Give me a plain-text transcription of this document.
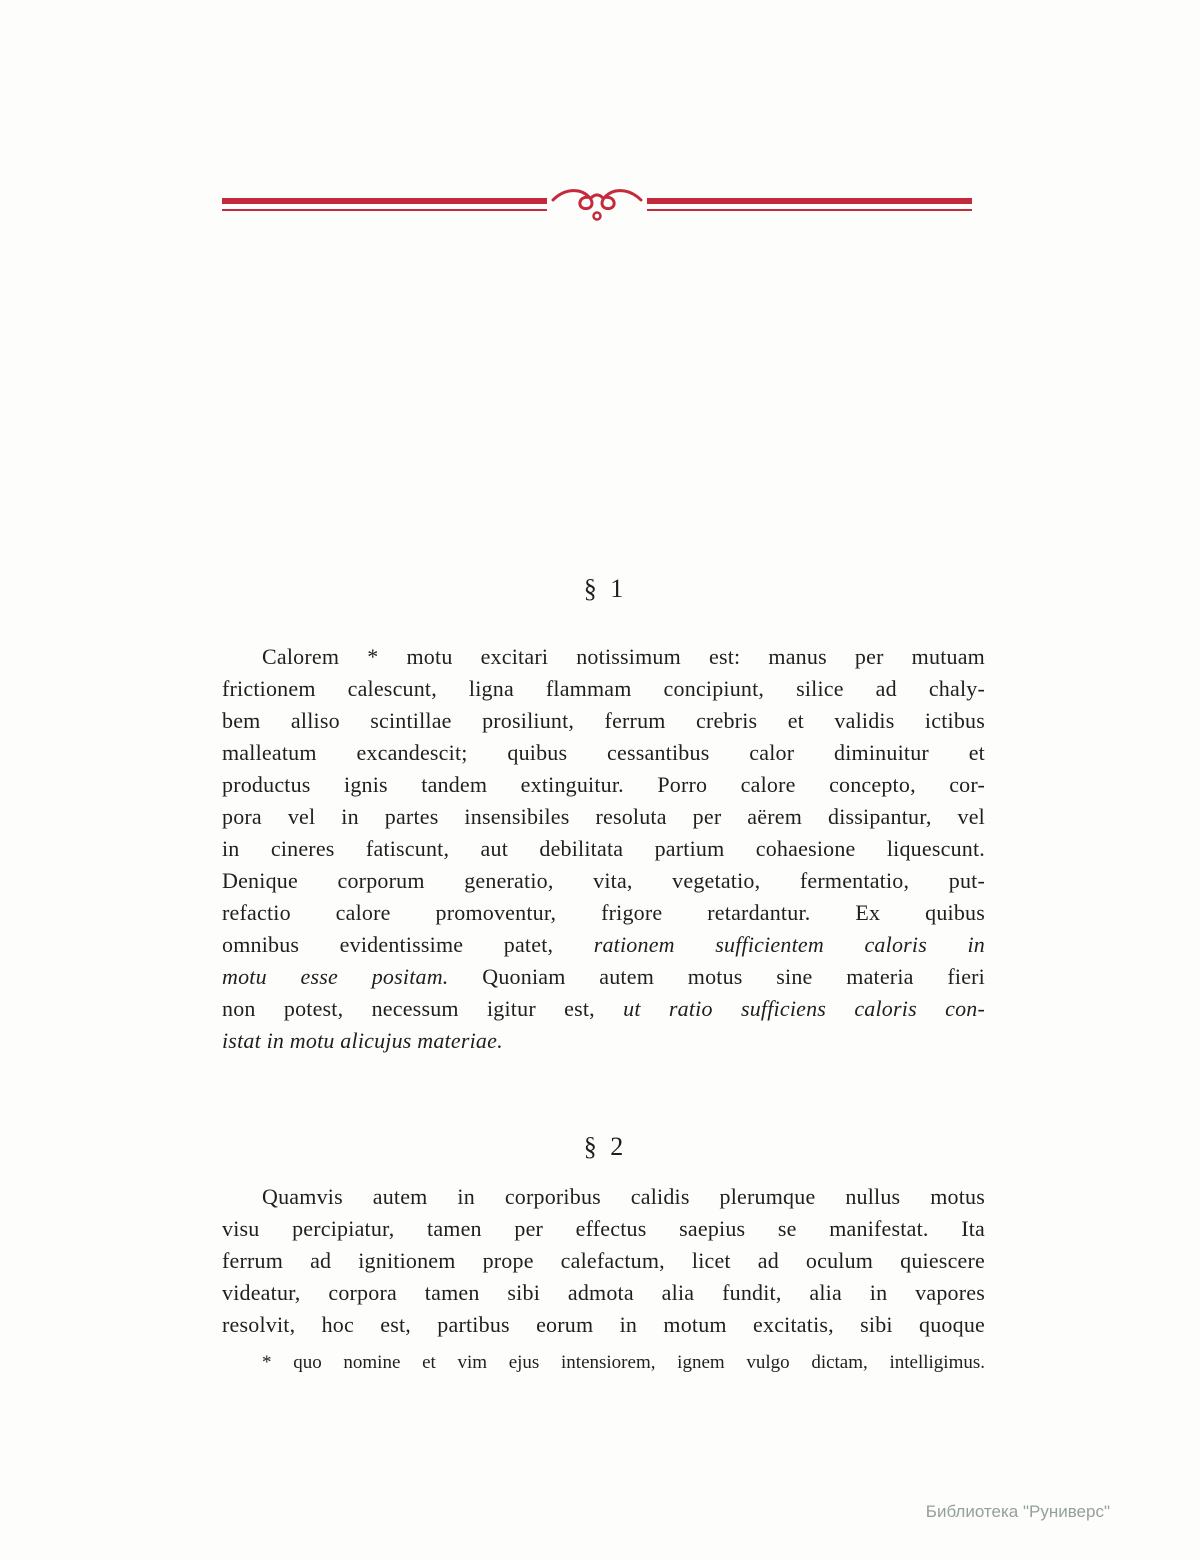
§ 1
Calorem * motu excitari notissimum est: manus per mutuam
frictionem calescunt, ligna flammam concipiunt, silice ad chaly-
bem alliso scintillae prosiliunt, ferrum crebris et validis ictibus
malleatum excandescit; quibus cessantibus calor diminuitur et
productus ignis tandem extinguitur. Porro calore concepto, cor-
pora vel in partes insensibiles resoluta per aërem dissipantur, vel
in cineres fatiscunt, aut debilitata partium cohaesione liquescunt.
Denique corporum generatio, vita, vegetatio, fermentatio, put-
refactio calore promoventur, frigore retardantur. Ex quibus
omnibus evidentissime patet, rationem sufficientem caloris in
motu esse positam. Quoniam autem motus sine materia fieri
non potest, necessum igitur est, ut ratio sufficiens caloris con-
istat in motu alicujus materiae.
§ 2
Quamvis autem in corporibus calidis plerumque nullus motus
visu percipiatur, tamen per effectus saepius se manifestat. Ita
ferrum ad ignitionem prope calefactum, licet ad oculum quiescere
videatur, corpora tamen sibi admota alia fundit, alia in vapores
resolvit, hoc est, partibus eorum in motum excitatis, sibi quoque
* quo nomine et vim ejus intensiorem, ignem vulgo dictam, intelligimus.
Библиотека "Руниверс"
